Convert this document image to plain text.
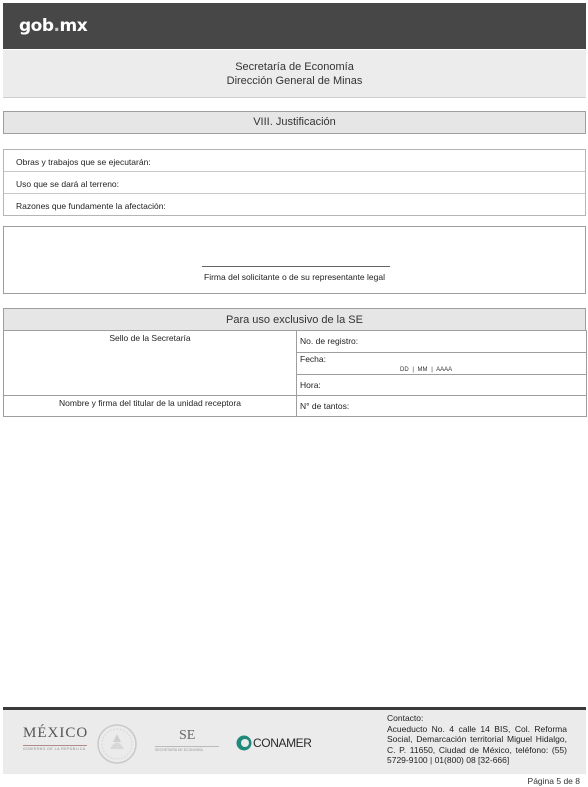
gob.mx
Secretaría de Economía
Dirección General de Minas
VIII. Justificación
Obras y trabajos que se ejecutarán:
Uso que se dará al terreno:
Razones que fundamente la afectación:
Firma del solicitante o de su representante legal
Para uso exclusivo de la SE
Sello de la Secretaría	No. de registro:

	Fecha:
DD | MM | AAAA

	Hora:
Nombre y firma del titular de la unidad receptora	N° de tantos:
MÉXICO
GOBIERNO DE LA REPÚBLICA
SE
SECRETARÍA DE ECONOMÍA	CONAMER
Contacto:
Acueducto No. 4 calle 14 BIS, Col. Reforma Social, Demarcación territorial Miguel Hidalgo, C. P. 11650, Ciudad de México, teléfono: (55) 5729-9100 | 01(800) 08 [32-666]
Página 5 de 8
